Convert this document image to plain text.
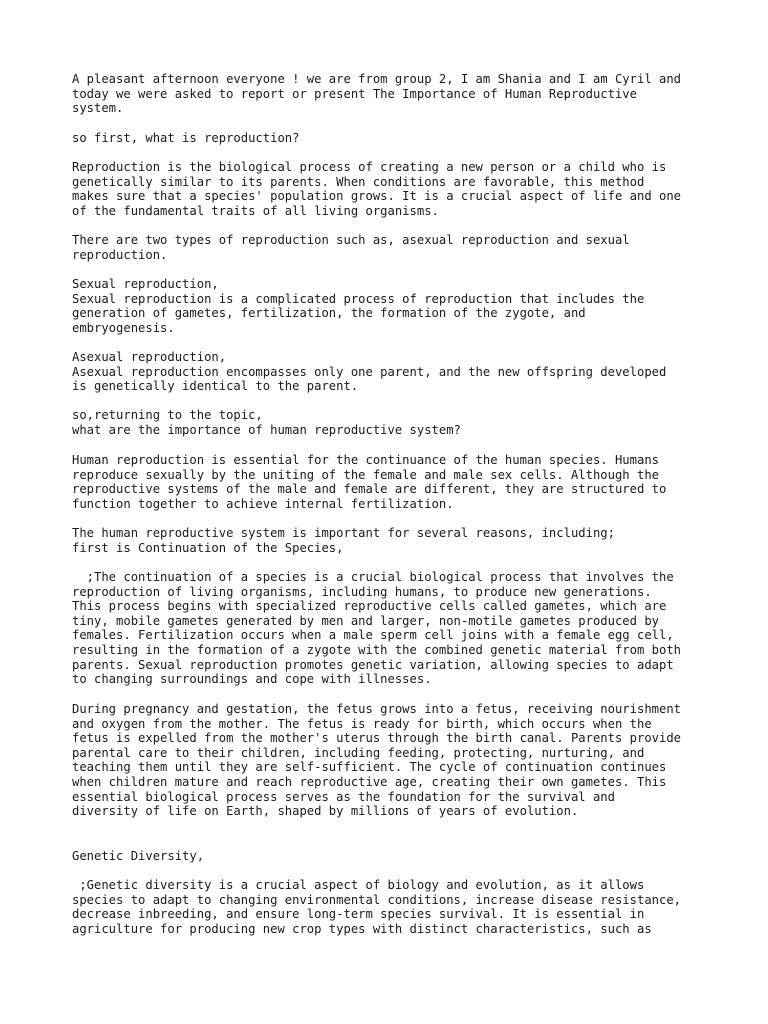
A pleasant afternoon everyone ! we are from group 2, I am Shania and I am Cyril and
today we were asked to report or present The Importance of Human Reproductive
system.

so first, what is reproduction?

Reproduction is the biological process of creating a new person or a child who is
genetically similar to its parents. When conditions are favorable, this method
makes sure that a species' population grows. It is a crucial aspect of life and one
of the fundamental traits of all living organisms.

There are two types of reproduction such as, asexual reproduction and sexual
reproduction.

Sexual reproduction,
Sexual reproduction is a complicated process of reproduction that includes the
generation of gametes, fertilization, the formation of the zygote, and
embryogenesis.

Asexual reproduction,
Asexual reproduction encompasses only one parent, and the new offspring developed
is genetically identical to the parent.

so,returning to the topic,
what are the importance of human reproductive system?

Human reproduction is essential for the continuance of the human species. Humans
reproduce sexually by the uniting of the female and male sex cells. Although the
reproductive systems of the male and female are different, they are structured to
function together to achieve internal fertilization.

The human reproductive system is important for several reasons, including;
first is Continuation of the Species,

;The continuation of a species is a crucial biological process that involves the
reproduction of living organisms, including humans, to produce new generations.
This process begins with specialized reproductive cells called gametes, which are
tiny, mobile gametes generated by men and larger, non-motile gametes produced by
females. Fertilization occurs when a male sperm cell joins with a female egg cell,
resulting in the formation of a zygote with the combined genetic material from both
parents. Sexual reproduction promotes genetic variation, allowing species to adapt
to changing surroundings and cope with illnesses.

During pregnancy and gestation, the fetus grows into a fetus, receiving nourishment
and oxygen from the mother. The fetus is ready for birth, which occurs when the
fetus is expelled from the mother's uterus through the birth canal. Parents provide
parental care to their children, including feeding, protecting, nurturing, and
teaching them until they are self-sufficient. The cycle of continuation continues
when children mature and reach reproductive age, creating their own gametes. This
essential biological process serves as the foundation for the survival and
diversity of life on Earth, shaped by millions of years of evolution.

Genetic Diversity,

;Genetic diversity is a crucial aspect of biology and evolution, as it allows
species to adapt to changing environmental conditions, increase disease resistance,
decrease inbreeding, and ensure long-term species survival. It is essential in
agriculture for producing new crop types with distinct characteristics, such as
